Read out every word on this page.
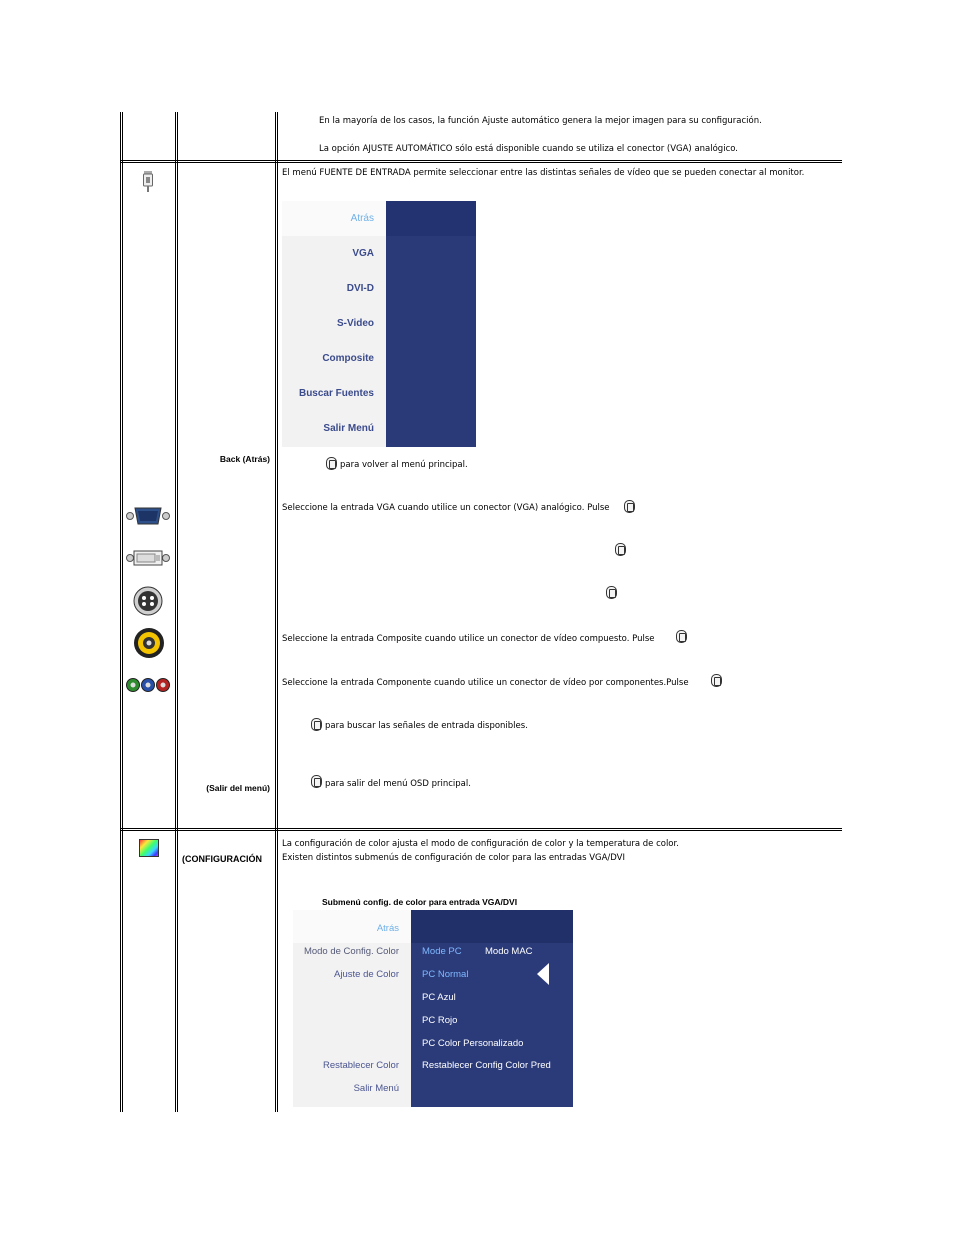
En la mayoría de los casos, la función Ajuste automático genera la mejor imagen para su configuración.
La opción AJUSTE AUTOMÁTICO sólo está disponible cuando se utiliza el conector (VGA) analógico.
El menú FUENTE DE ENTRADA permite seleccionar entre las distintas señales de vídeo que se pueden conectar al monitor.
Atrás
VGA
DVI-D
S-Video
Composite
Buscar Fuentes
Salir Menú
Back (Atrás)
para volver al menú principal.
Seleccione la entrada VGA cuando utilice un conector (VGA) analógico. Pulse
Seleccione la entrada Composite cuando utilice un conector de vídeo compuesto. Pulse
Seleccione la entrada Componente cuando utilice un conector de vídeo por componentes.Pulse
para buscar las señales de entrada disponibles.
(Salir del menú)	para salir del menú OSD principal.
(CONFIGURACIÓN
La configuración de color ajusta el modo de configuración de color y la temperatura de color.
Existen distintos submenús de configuración de color para las entradas VGA/DVI
Submenú config. de color para entrada VGA/DVI
Atrás
Modo de Config. Color
Ajuste de Color
Restablecer Color
Salir Menú
Mode PC Modo MAC
PC Normal
PC Azul
PC Rojo
PC Color Personalizado
Restablecer Config Color Pred
